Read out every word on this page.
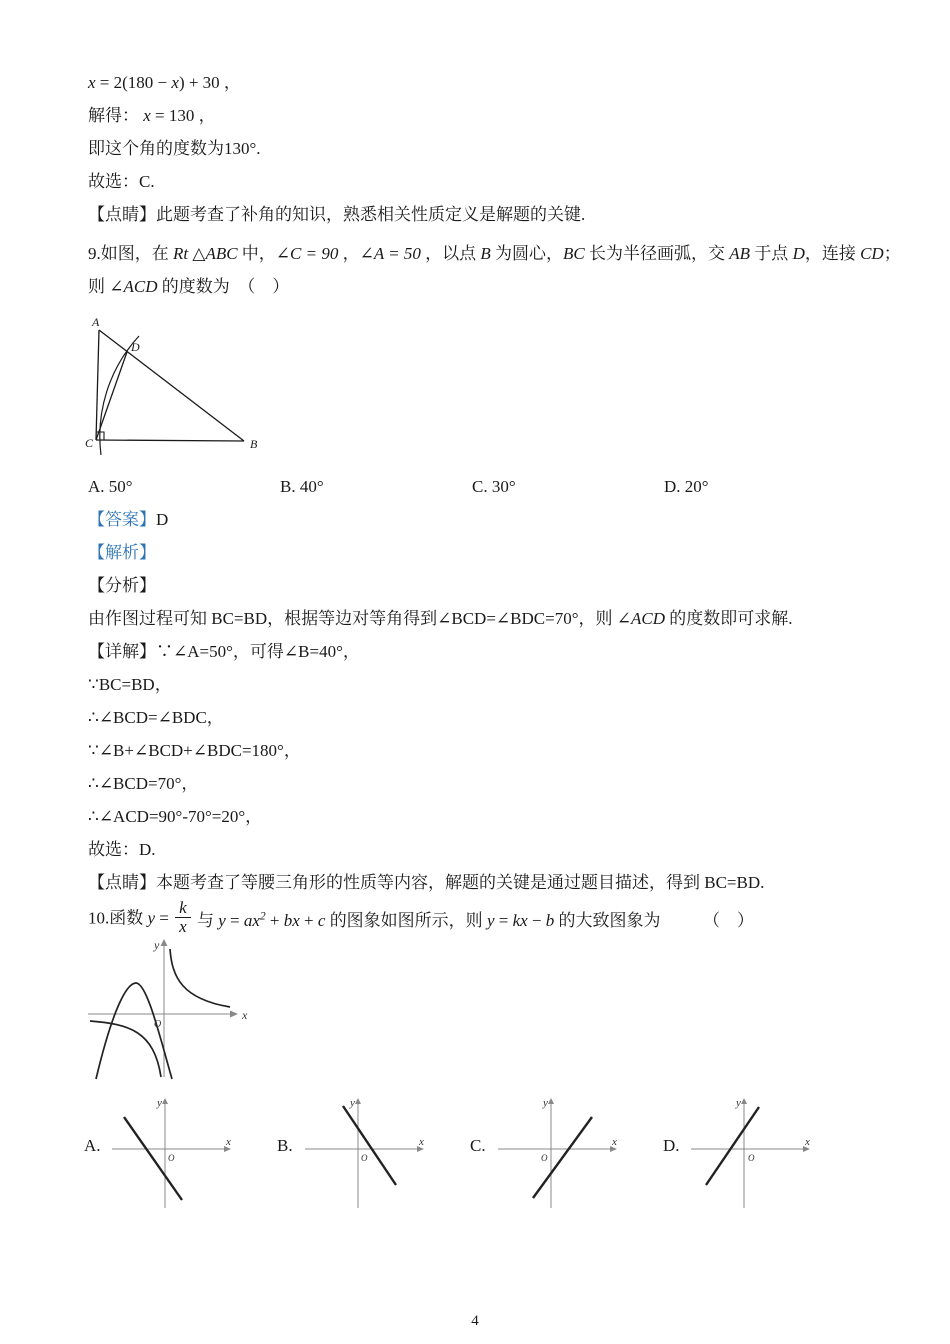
x = 2(180 − x) + 30 ，

解得： x = 130 ，

即这个角的度数为130°.

故选：C.

【点睛】此题考查了补角的知识，熟悉相关性质定义是解题的关键.

9.如图，在 Rt △ABC 中，∠C = 90 ，∠A = 50 ，以点 B 为圆心，BC 长为半径画弧，交 AB 于点 D，连接 CD；

则 ∠ACD 的度数为　（　）

A
C	B
D
A. 50°	B. 40°	C. 30°	D. 20°

【答案】D

【解析】

【分析】

由作图过程可知 BC=BD，根据等边对等角得到∠BCD=∠BDC=70°，则 ∠ACD 的度数即可求解.

【详解】∵∠A=50°，可得∠B=40°，

∵BC=BD，

∴∠BCD=∠BDC，

∵∠B+∠BCD+∠BDC=180°，

∴∠BCD=70°，

∴∠ACD=90°-70°=20°，

故选：D.

【点睛】本题考查了等腰三角形的性质等内容，解题的关键是通过题目描述，得到 BC=BD.

10.函数 $y = \frac{k}{x}$ 与 $y = ax^2$ + bx + c 的图象如图所示，则 y = kx − b 的大致图象为　　　（　）

y
x
O
A.
y
x
O
B.
y
x
O
C.
y
x
O
D.
y
x
O
4
